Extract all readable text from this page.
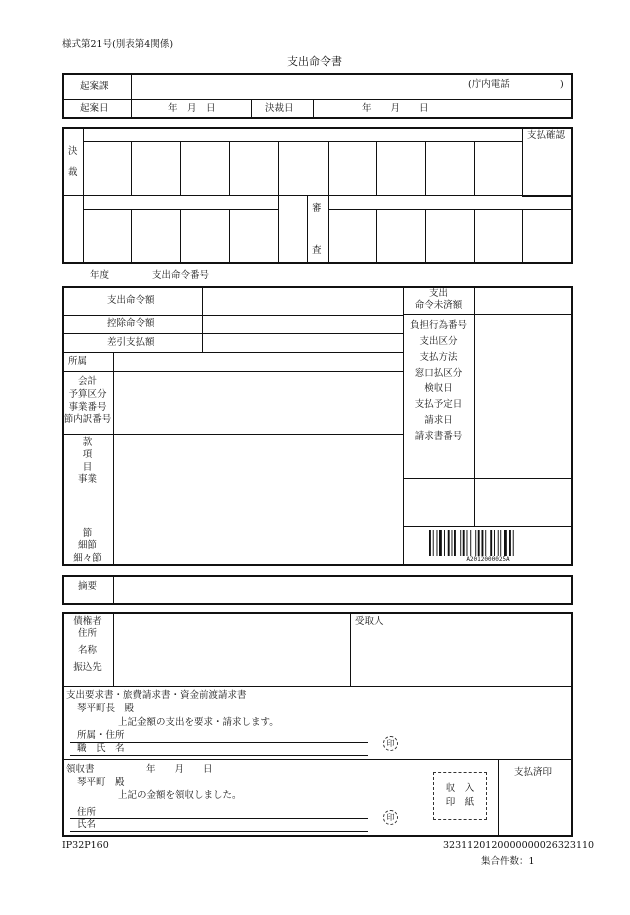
様式第21号(別表第4関係)
支出命令書
起案課	(庁内電話	)
起案日	年　月　日	決裁日	年　　月　　日
決
裁
支払確認
審
査
年度	支出命令番号
支出命令額
控除命令額
差引支払額
所属
会計
予算区分
事業番号
節内訳番号
款
項
目
事業
節
細節
細々節
支出
命令未済額
負担行為番号
支出区分
支払方法
窓口払区分
検収日
支払予定日
請求日
請求書番号
A2012000025A
摘要
債権者
住所
名称
振込先
受取人
支出要求書・旅費請求書・資金前渡請求書
琴平町長　殿
上記金額の支出を要求・請求します。
所属・住所
職　氏　名	印
領収書	年　　月　　日
琴平町　殿
上記の金額を領収しました。
住所
氏名
印
収　入
印　紙
支払済印
IP32P160	32311201200000000263231​10
集合件数：1
